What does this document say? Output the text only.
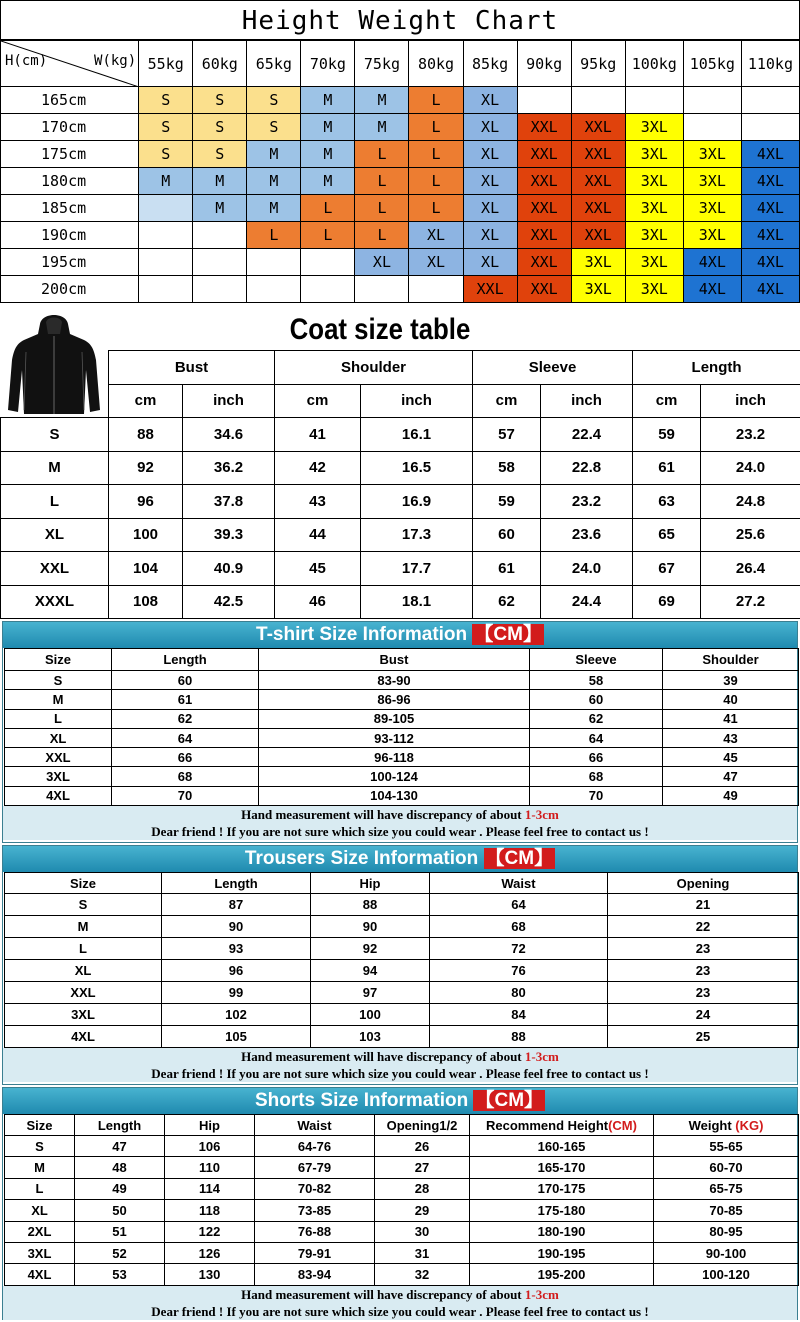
Height Weight Chart
H(cm) W(kg)	55kg	60kg	65kg	70kg	75kg	80kg	85kg	90kg	95kg	100kg	105kg	110kg
165cm	S	S	S	M	M	L	XL					
170cm	S	S	S	M	M	L	XL	XXL	XXL	3XL		
175cm	S	S	M	M	L	L	XL	XXL	XXL	3XL	3XL	4XL
180cm	M	M	M	M	L	L	XL	XXL	XXL	3XL	3XL	4XL
185cm		M	M	L	L	L	XL	XXL	XXL	3XL	3XL	4XL
190cm			L	L	L	XL	XL	XXL	XXL	3XL	3XL	4XL
195cm					XL	XL	XL	XXL	3XL	3XL	4XL	4XL
200cm							XXL	XXL	3XL	3XL	4XL	4XL
Coat size table
	Bust		Shoulder		Sleeve		Length	
	cm	inch	cm	inch	cm	inch	cm	inch
S	88	34.6	41	16.1	57	22.4	59	23.2
M	92	36.2	42	16.5	58	22.8	61	24.0
L	96	37.8	43	16.9	59	23.2	63	24.8
XL	100	39.3	44	17.3	60	23.6	65	25.6
XXL	104	40.9	45	17.7	61	24.0	67	26.4
XXXL	108	42.5	46	18.1	62	24.4	69	27.2
T-shirt Size Information 【CM】
Size	Length	Bust	Sleeve	Shoulder
S	60	83-90	58	39
M	61	86-96	60	40
L	62	89-105	62	41
XL	64	93-112	64	43
XXL	66	96-118	66	45
3XL	68	100-124	68	47
4XL	70	104-130	70	49
Hand measurement will have discrepancy of about 1-3cm
Dear friend ! If you are not sure which size you could wear . Please feel free to contact us !
Trousers Size Information 【CM】
Size	Length	Hip	Waist	Opening
S	87	88	64	21
M	90	90	68	22
L	93	92	72	23
XL	96	94	76	23
XXL	99	97	80	23
3XL	102	100	84	24
4XL	105	103	88	25
Hand measurement will have discrepancy of about 1-3cm
Dear friend ! If you are not sure which size you could wear . Please feel free to contact us !
Shorts Size Information 【CM】
Size	Length	Hip	Waist	Opening1/2	Recommend Height(CM)	Weight (KG)
S	47	106	64-76	26	160-165	55-65
M	48	110	67-79	27	165-170	60-70
L	49	114	70-82	28	170-175	65-75
XL	50	118	73-85	29	175-180	70-85
2XL	51	122	76-88	30	180-190	80-95
3XL	52	126	79-91	31	190-195	90-100
4XL	53	130	83-94	32	195-200	100-120
Hand measurement will have discrepancy of about 1-3cm
Dear friend ! If you are not sure which size you could wear . Please feel free to contact us !
